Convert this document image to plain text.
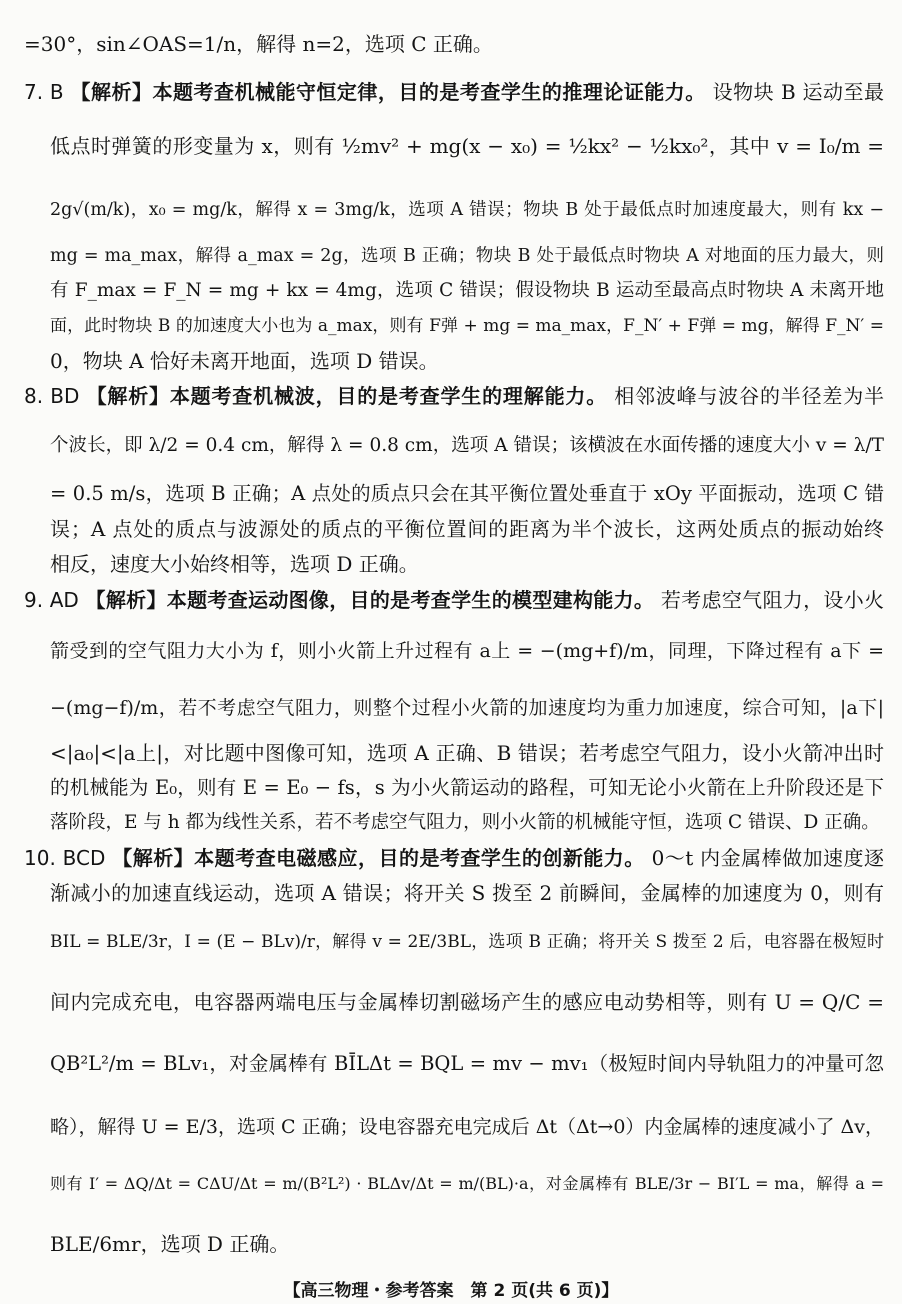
=30°，sin∠OAS=1/n，解得 n=2，选项 C 正确。
7. B 【解析】本题考查机械能守恒定律，目的是考查学生的推理论证能力。 设物块 B 运动至最
低点时弹簧的形变量为 x，则有 ½mv² + mg(x − x₀) = ½kx² − ½kx₀²，其中 v = I₀/m =
2g√(m/k)，x₀ = mg/k，解得 x = 3mg/k，选项 A 错误；物块 B 处于最低点时加速度最大，则有 kx −
mg = ma_max，解得 a_max = 2g，选项 B 正确；物块 B 处于最低点时物块 A 对地面的压力最大，则
有 F_max = F_N = mg + kx = 4mg，选项 C 错误；假设物块 B 运动至最高点时物块 A 未离开地
面，此时物块 B 的加速度大小也为 a_max，则有 F弹 + mg = ma_max，F_N′ + F弹 = mg，解得 F_N′ =
0，物块 A 恰好未离开地面，选项 D 错误。
8. BD 【解析】本题考查机械波，目的是考查学生的理解能力。 相邻波峰与波谷的半径差为半
个波长，即 λ/2 = 0.4 cm，解得 λ = 0.8 cm，选项 A 错误；该横波在水面传播的速度大小 v = λ/T
= 0.5 m/s，选项 B 正确；A 点处的质点只会在其平衡位置处垂直于 xOy 平面振动，选项 C 错
误；A 点处的质点与波源处的质点的平衡位置间的距离为半个波长，这两处质点的振动始终
相反，速度大小始终相等，选项 D 正确。
9. AD 【解析】本题考查运动图像，目的是考查学生的模型建构能力。 若考虑空气阻力，设小火
箭受到的空气阻力大小为 f，则小火箭上升过程有 a上 = −(mg+f)/m，同理，下降过程有 a下 =
−(mg−f)/m，若不考虑空气阻力，则整个过程小火箭的加速度均为重力加速度，综合可知，|a下|
<|a₀|<|a上|，对比题中图像可知，选项 A 正确、B 错误；若考虑空气阻力，设小火箭冲出时
的机械能为 E₀，则有 E = E₀ − fs，s 为小火箭运动的路程，可知无论小火箭在上升阶段还是下
落阶段，E 与 h 都为线性关系，若不考虑空气阻力，则小火箭的机械能守恒，选项 C 错误、D 正确。
10. BCD 【解析】本题考查电磁感应，目的是考查学生的创新能力。 0～t 内金属棒做加速度逐
渐减小的加速直线运动，选项 A 错误；将开关 S 拨至 2 前瞬间，金属棒的加速度为 0，则有
BIL = BLE/3r，I = (E − BLv)/r，解得 v = 2E/3BL，选项 B 正确；将开关 S 拨至 2 后，电容器在极短时
间内完成充电，电容器两端电压与金属棒切割磁场产生的感应电动势相等，则有 U = Q/C =
QB²L²/m = BLv₁，对金属棒有 BĪLΔt = BQL = mv − mv₁（极短时间内导轨阻力的冲量可忽
略），解得 U = E/3，选项 C 正确；设电容器充电完成后 Δt（Δt→0）内金属棒的速度减小了 Δv，
则有 I′ = ΔQ/Δt = CΔU/Δt = m/(B²L²) · BLΔv/Δt = m/(BL)·a，对金属棒有 BLE/3r − BI′L = ma，解得 a =
BLE/6mr，选项 D 正确。
【高三物理・参考答案　第 2 页(共 6 页)】
